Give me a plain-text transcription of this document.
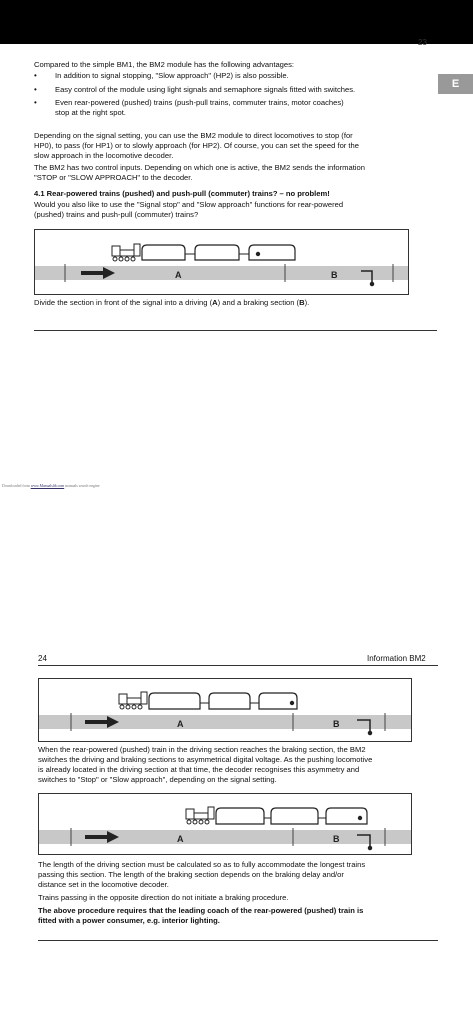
23
E
Compared to the simple BM1, the BM2 module has the following advantages:
• In addition to signal stopping, "Slow approach" (HP2) is also possible.
• Easy control of the module using light signals and semaphore signals fitted with switches.
• Even rear-powered (pushed) trains (push-pull trains, commuter trains, motor coaches)
stop at the right spot.
Depending on the signal setting, you can use the BM2 module to direct locomotives to stop (for
HP0), to pass (for HP1) or to slowly approach (for HP2). Of course, you can set the speed for the
slow approach in the locomotive decoder.
The BM2 has two control inputs. Depending on which one is active, the BM2 sends the information
"STOP or "SLOW APPROACH" to the decoder.
4.1 Rear-powered trains (pushed) and push-pull (commuter) trains? – no problem!
Would you also like to use the "Signal stop" and "Slow approach" functions for rear-powered
(pushed) trains and push-pull (commuter) trains?
A	B
Divide the section in front of the signal into a driving (A) and a braking section (B).
Downloaded from www.Manualslib.com manuals search engine
24	Information BM2
A	B
When the rear-powered (pushed) train in the driving section reaches the braking section, the BM2
switches the driving and braking sections to asymmetrical digital voltage. As the pushing locomotive
is already located in the driving section at that time, the decoder recognises this asymmetry and
switches to "Stop" or "Slow approach", depending on the signal setting.
A	B
The length of the driving section must be calculated so as to fully accommodate the longest trains
passing this section. The length of the braking section depends on the braking delay and/or
distance set in the locomotive decoder.
Trains passing in the opposite direction do not initiate a braking procedure.
The above procedure requires that the leading coach of the rear-powered (pushed) train is
fitted with a power consumer, e.g. interior lighting.
